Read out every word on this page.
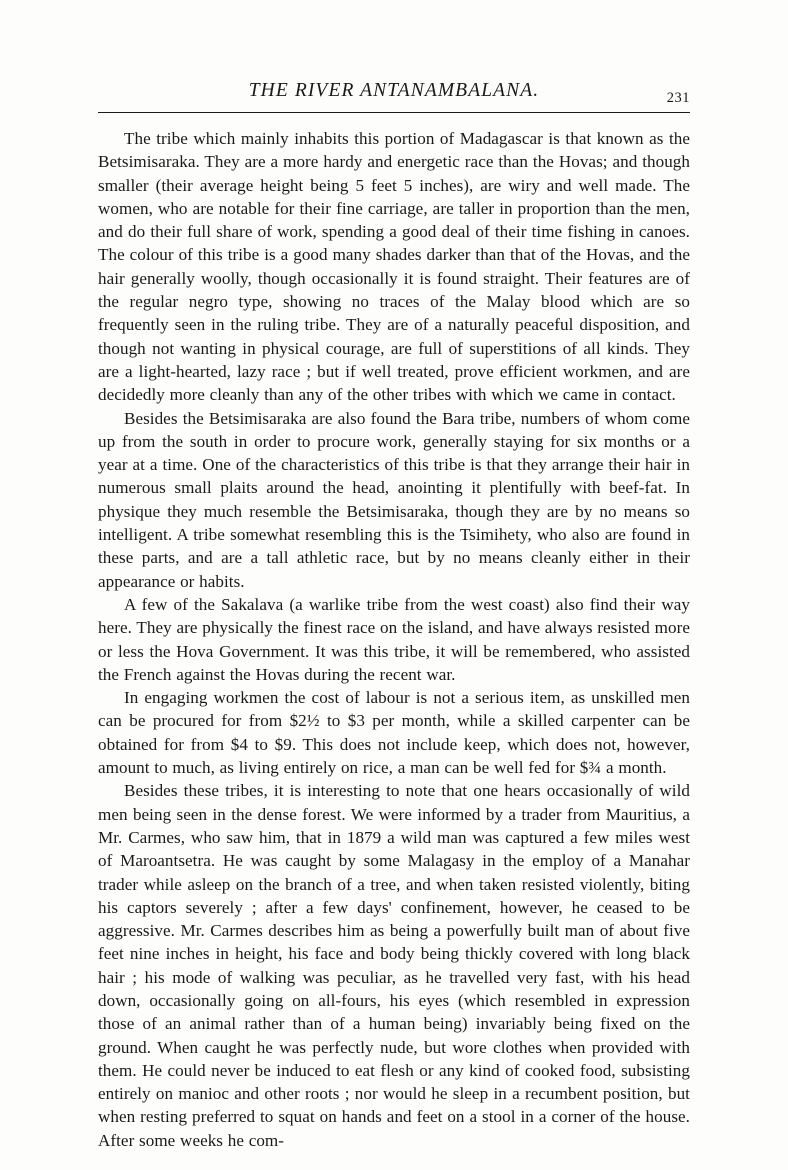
THE RIVER ANTANAMBALANA.	231

The tribe which mainly inhabits this portion of Madagascar is that known as the Betsimisaraka. They are a more hardy and energetic race than the Hovas; and though smaller (their average height being 5 feet 5 inches), are wiry and well made. The women, who are notable for their fine carriage, are taller in proportion than the men, and do their full share of work, spending a good deal of their time fishing in canoes. The colour of this tribe is a good many shades darker than that of the Hovas, and the hair generally woolly, though occasionally it is found straight. Their features are of the regular negro type, showing no traces of the Malay blood which are so frequently seen in the ruling tribe. They are of a naturally peaceful disposition, and though not wanting in physical courage, are full of superstitions of all kinds. They are a light-hearted, lazy race ; but if well treated, prove efficient workmen, and are decidedly more cleanly than any of the other tribes with which we came in contact.

Besides the Betsimisaraka are also found the Bara tribe, numbers of whom come up from the south in order to procure work, generally staying for six months or a year at a time. One of the characteristics of this tribe is that they arrange their hair in numerous small plaits around the head, anointing it plentifully with beef-fat. In physique they much resemble the Betsimisaraka, though they are by no means so intelligent. A tribe somewhat resembling this is the Tsimihety, who also are found in these parts, and are a tall athletic race, but by no means cleanly either in their appearance or habits.

A few of the Sakalava (a warlike tribe from the west coast) also find their way here. They are physically the finest race on the island, and have always resisted more or less the Hova Government. It was this tribe, it will be remembered, who assisted the French against the Hovas during the recent war.

In engaging workmen the cost of labour is not a serious item, as unskilled men can be procured for from $2½ to $3 per month, while a skilled carpenter can be obtained for from $4 to $9. This does not include keep, which does not, however, amount to much, as living entirely on rice, a man can be well fed for $¾ a month.

Besides these tribes, it is interesting to note that one hears occasionally of wild men being seen in the dense forest. We were informed by a trader from Mauritius, a Mr. Carmes, who saw him, that in 1879 a wild man was captured a few miles west of Maroantsetra. He was caught by some Malagasy in the employ of a Manahar trader while asleep on the branch of a tree, and when taken resisted violently, biting his captors severely ; after a few days' confinement, however, he ceased to be aggressive. Mr. Carmes describes him as being a powerfully built man of about five feet nine inches in height, his face and body being thickly covered with long black hair ; his mode of walking was peculiar, as he travelled very fast, with his head down, occasionally going on all-fours, his eyes (which resembled in expression those of an animal rather than of a human being) invariably being fixed on the ground. When caught he was perfectly nude, but wore clothes when provided with them. He could never be induced to eat flesh or any kind of cooked food, subsisting entirely on manioc and other roots ; nor would he sleep in a recumbent position, but when resting preferred to squat on hands and feet on a stool in a corner of the house. After some weeks he com-
